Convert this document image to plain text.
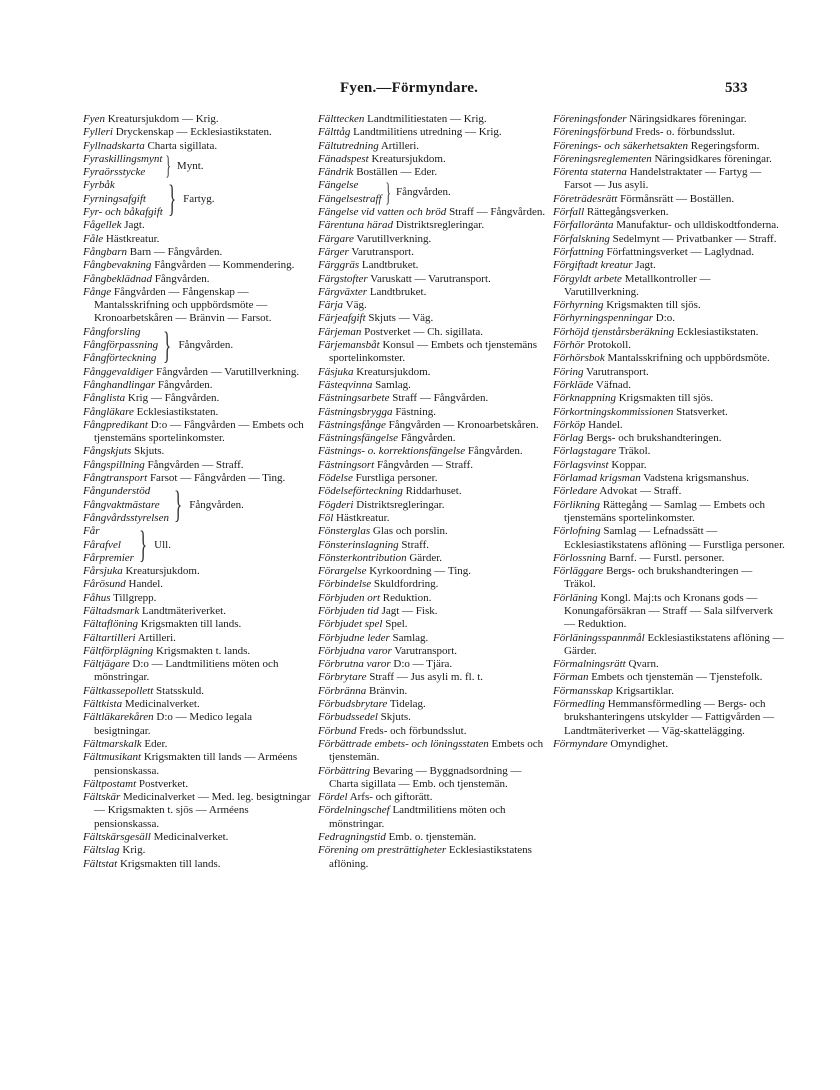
Fyen.—Förmyndare.	533

Fyen Kreatursjukdom — Krig.

Fylleri Dryckenskap — Ecklesiastikstaten.

Fyllnadskarta Charta sigillata.

Fyraskillingsmynt
Fyraörsstycke } Mynt.
Fyrbåk
Fyrningsafgift
Fyr- och båkafgift } Fartyg.

Fågellek Jagt.

Fåle Hästkreatur.

Fångbarn Barn — Fångvården.

Fångbevakning Fångvården — Kommendering.

Fångbeklädnad Fångvården.

Fånge Fångvården — Fångenskap — Mantalsskrifning och uppbördsmöte — Kronoarbetskåren — Bränvin — Farsot.

Fångforsling
Fångförpassning
Fångförteckning } Fångvården.

Fånggevaldiger Fångvården — Varutillverkning.

Fånghandlingar Fångvården.

Fånglista Krig — Fångvården.

Fångläkare Ecklesiastikstaten.

Fångpredikant D:o — Fångvården — Embets och tjenstemäns sportelinkomster.

Fångskjuts Skjuts.

Fångspillning Fångvården — Straff.

Fångtransport Farsot — Fångvården — Ting.

Fångunderstöd
Fångvaktmästare
Fångvårdsstyrelsen } Fångvården.
Får
Fårafvel
Fårpremier } Ull.

Fårsjuka Kreatursjukdom.

Fårösund Handel.

Fåhus Tillgrepp.

Fältadsmark Landtmäteriverket.

Fältaflöning Krigsmakten till lands.

Fältartilleri Artilleri.

Fältförplägning Krigsmakten t. lands.

Fältjägare D:o — Landtmilitiens möten och mönstringar.

Fältkassepollett Statsskuld.

Fältkista Medicinalverket.

Fältläkarekåren D:o — Medico legala besigtningar.

Fältmarskalk Eder.

Fältmusikant Krigsmakten till lands — Arméens pensionskassa.

Fältpostamt Postverket.

Fältskär Medicinalverket — Med. leg. besigtningar — Krigsmakten t. sjös — Arméens pensionskassa.

Fältskärsgesäll Medicinalverket.

Fältslag Krig.

Fältstat Krigsmakten till lands.

Fälttecken Landtmilitiestaten — Krig.

Fälttåg Landtmilitiens utredning — Krig.

Fältutredning Artilleri.

Fänadspest Kreatursjukdom.

Fändrik Boställen — Eder.

Fängelse
Fängelsestraff } Fångvården.

Fängelse vid vatten och bröd Straff — Fångvården.

Färentuna härad Distriktsregleringar.

Färgare Varutillverkning.

Färger Varutransport.

Färggräs Landtbruket.

Färgstofter Varuskatt — Varutransport.

Färgväxter Landtbruket.

Färja Väg.

Färjeafgift Skjuts — Väg.

Färjeman Postverket — Ch. sigillata.

Färjemansbåt Konsul — Embets och tjenstemäns sportelinkomster.

Fäsjuka Kreatursjukdom.

Fästeqvinna Samlag.

Fästningsarbete Straff — Fångvården.

Fästningsbrygga Fästning.

Fästningsfånge Fångvården — Kronoarbetskåren.

Fästningsfängelse Fångvården.

Fästnings- o. korrektionsfängelse Fångvården.

Fästningsort Fångvården — Straff.

Födelse Furstliga personer.

Födelseförteckning Riddarhuset.

Fögderi Distriktsregleringar.

Föl Hästkreatur.

Fönsterglas Glas och porslin.

Fönsterinslagning Straff.

Fönsterkontribution Gärder.

Förargelse Kyrkoordning — Ting.

Förbindelse Skuldfordring.

Förbjuden ort Reduktion.

Förbjuden tid Jagt — Fisk.

Förbjudet spel Spel.

Förbjudne leder Samlag.

Förbjudna varor Varutransport.

Förbrutna varor D:o — Tjära.

Förbrytare Straff — Jus asyli m. fl. t.

Förbränna Bränvin.

Förbudsbrytare Tidelag.

Förbudssedel Skjuts.

Förbund Freds- och förbundsslut.

Förbättrade embets- och löningsstaten Embets och tjenstemän.

Förbättring Bevaring — Byggnadsordning — Charta sigillata — Emb. och tjenstemän.

Fördel Arfs- och giftorätt.

Fördelningschef Landtmilitiens möten och mönstringar.

Fedragningstid Emb. o. tjenstemän.

Förening om presträttigheter Ecklesiastikstatens aflöning.

Föreningsfonder Näringsidkares föreningar.

Föreningsförbund Freds- o. förbundsslut.

Förenings- och säkerhetsakten Regeringsform.

Föreningsreglementen Näringsidkares föreningar.

Förenta staterna Handelstraktater — Fartyg — Farsot — Jus asyli.

Företrädesrätt Förmånsrätt — Boställen.

Förfall Rättegångsverken.

Förfalloränta Manufaktur- och ulldiskodtfonderna.

Förfalskning Sedelmynt — Privatbanker — Straff.

Författning Författningsverket — Laglydnad.

Förgiftadt kreatur Jagt.

Förgyldt arbete Metallkontroller — Varutillverkning.

Förhyrning Krigsmakten till sjös.

Förhyrningspenningar D:o.

Förhöjd tjenstårsberäkning Ecklesiastikstaten.

Förhör Protokoll.

Förhörsbok Mantalsskrifning och uppbördsmöte.

Föring Varutransport.

Förkläde Väfnad.

Förknappning Krigsmakten till sjös.

Förkortningskommissionen Statsverket.

Förköp Handel.

Förlag Bergs- och brukshandteringen.

Förlagstagare Träkol.

Förlagsvinst Koppar.

Förlamad krigsman Vadstena krigsmanshus.

Förledare Advokat — Straff.

Förlikning Rättegång — Samlag — Embets och tjenstemäns sportelinkomster.

Förlofning Samlag — Lefnadssätt — Ecklesiastikstatens aflöning — Furstliga personer.

Förlossning Barnf. — Furstl. personer.

Förläggare Bergs- och brukshandteringen — Träkol.

Förläning Kongl. Maj:ts och Kronans gods — Konungaförsäkran — Straff — Sala silfververk — Reduktion.

Förläningsspannmål Ecklesiastikstatens aflöning — Gärder.

Förmalningsrätt Qvarn.

Förman Embets och tjenstemän — Tjenstefolk.

Förmansskap Krigsartiklar.

Förmedling Hemmansförmedling — Bergs- och brukshanteringens utskylder — Fattigvården — Landtmäteriverket — Väg-skattelägging.

Förmyndare Omyndighet.
